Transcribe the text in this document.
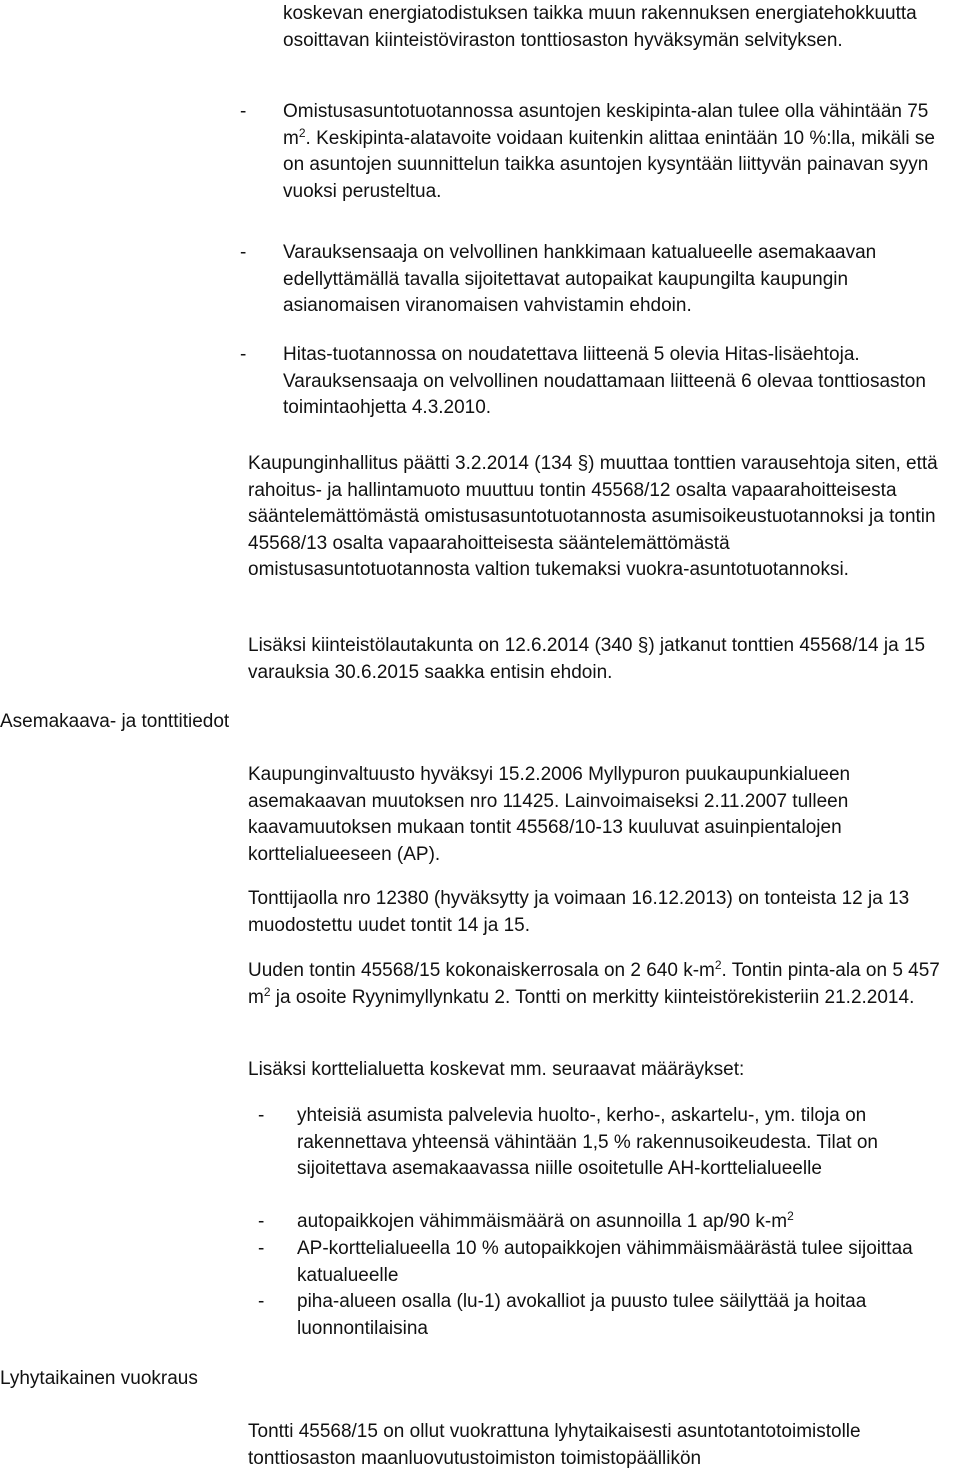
koskevan energiatodistuksen taikka muun rakennuksen energiatehokkuutta osoittavan kiinteistöviraston tonttiosaston hyväksymän selvityksen.

- Omistusasuntotuotannossa asuntojen keskipinta-alan tulee olla vähintään 75 $m^2$. Keskipinta-alatavoite voidaan kuitenkin alittaa enintään 10 %:lla, mikäli se on asuntojen suunnittelun taikka asuntojen kysyntään liittyvän painavan syyn vuoksi perusteltua.
- Varauksensaaja on velvollinen hankkimaan katualueelle asemakaavan edellyttämällä tavalla sijoitettavat autopaikat kaupungilta kaupungin asianomaisen viranomaisen vahvistamin ehdoin.
- Hitas-tuotannossa on noudatettava liitteenä 5 olevia Hitas-lisäehtoja. Varauksensaaja on velvollinen noudattamaan liitteenä 6 olevaa tonttiosaston toimintaohjetta 4.3.2010.

Kaupunginhallitus päätti 3.2.2014 (134 §) muuttaa tonttien varausehtoja siten, että rahoitus- ja hallintamuoto muuttuu tontin 45568/12 osalta vapaarahoitteisesta sääntelemättömästä omistusasuntotuotannosta asumisoikeustuotannoksi ja tontin 45568/13 osalta vapaarahoitteisesta sääntelemättömästä omistusasuntotuotannosta valtion tukemaksi vuokra-asuntotuotannoksi.

Lisäksi kiinteistölautakunta on 12.6.2014 (340 §) jatkanut tonttien 45568/14 ja 15 varauksia 30.6.2015 saakka entisin ehdoin.

Asemakaava- ja tonttitiedot
Lyhytaikainen vuokraus

Kaupunginvaltuusto hyväksyi 15.2.2006 Myllypuron puukaupunkialueen asemakaavan muutoksen nro 11425. Lainvoimaiseksi 2.11.2007 tulleen kaavamuutoksen mukaan tontit 45568/10-13 kuuluvat asuinpientalojen korttelialueeseen (AP).

Tonttijaolla nro 12380 (hyväksytty ja voimaan 16.12.2013) on tonteista 12 ja 13 muodostettu uudet tontit 14 ja 15.

Uuden tontin 45568/15 kokonaiskerrosala on 2 640 $k-m^2$. Tontin pinta-ala on 5 457 $m^2$ ja osoite Ryynimyllynkatu 2. Tontti on merkitty kiinteistörekisteriin 21.2.2014.

Lisäksi korttelialuetta koskevat mm. seuraavat määräykset:

- yhteisiä asumista palvelevia huolto-, kerho-, askartelu-, ym. tiloja on rakennettava yhteensä vähintään 1,5 % rakennusoikeudesta. Tilat on sijoitettava asemakaavassa niille osoitetulle AH-korttelialueelle
- autopaikkojen vähimmäismäärä on asunnoilla 1 ap/90 $k-m^2$
- AP-korttelialueella 10 % autopaikkojen vähimmäismäärästä tulee sijoittaa katualueelle
- piha-alueen osalla (lu-1) avokalliot ja puusto tulee säilyttää ja hoitaa luonnontilaisina

Tontti 45568/15 on ollut vuokrattuna lyhytaikaisesti asuntotantotoimistolle tonttiosaston maanluovutustoimiston toimistopäällikön
